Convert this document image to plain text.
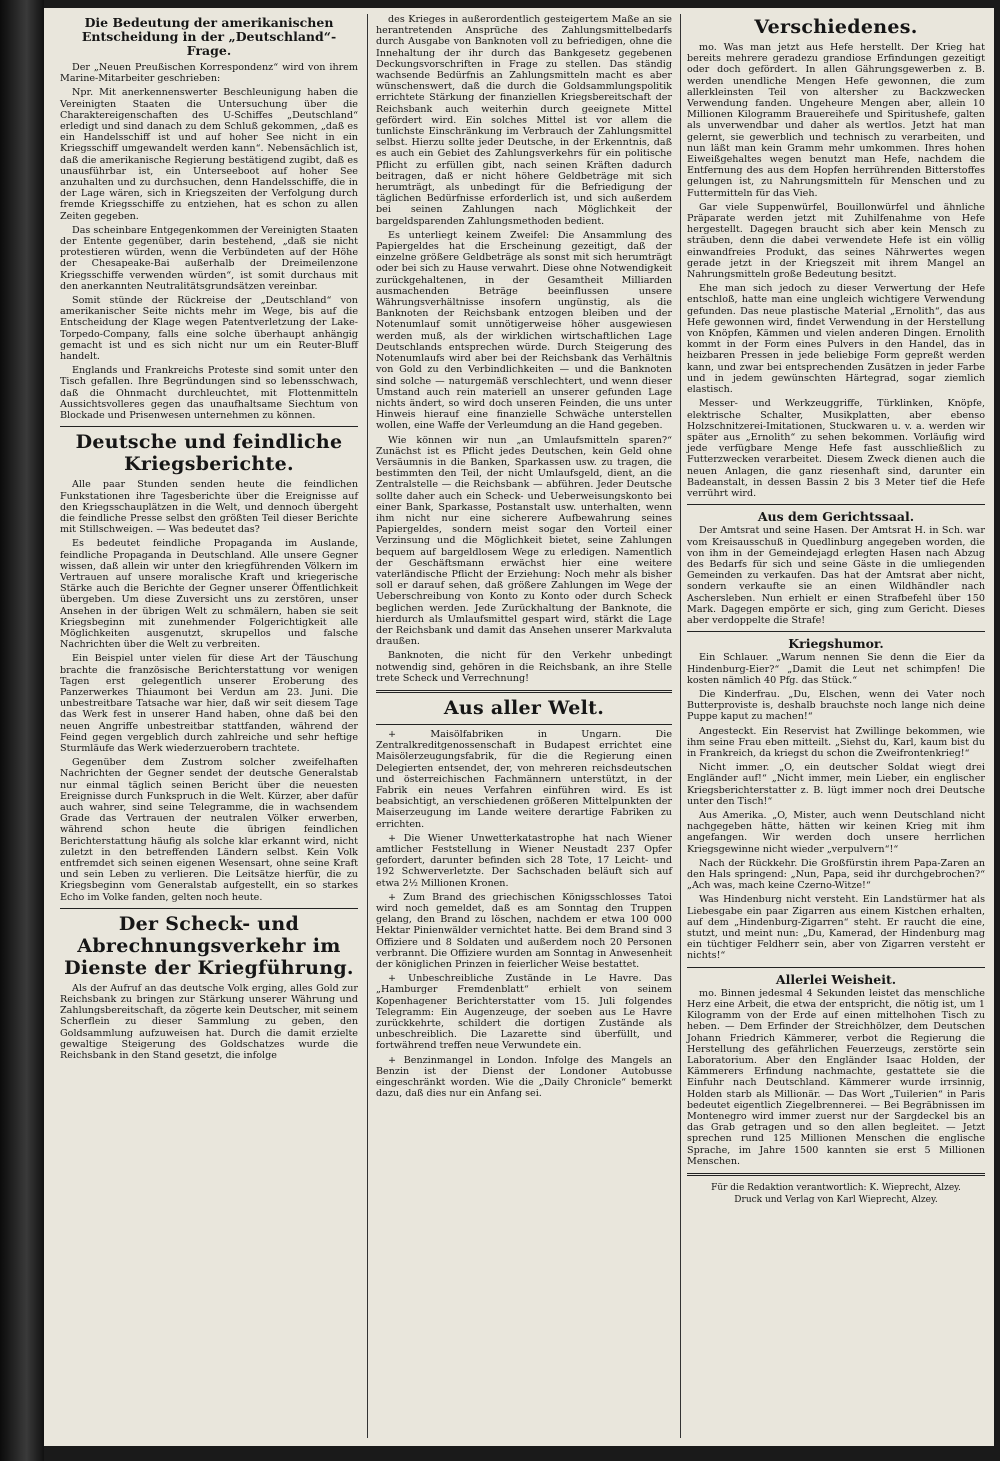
Die Bedeutung der amerikanischen Entscheidung in der „Deutschland“-Frage.

Der „Neuen Preußischen Korrespondenz“ wird von ihrem Marine-Mitarbeiter geschrieben:

Npr. Mit anerkennenswerter Beschleunigung haben die Vereinigten Staaten die Untersuchung über die Charaktereigenschaften des U-Schiffes „Deutschland“ erledigt und sind danach zu dem Schluß gekommen, „daß es ein Handelsschiff ist und auf hoher See nicht in ein Kriegsschiff umgewandelt werden kann“. Nebensächlich ist, daß die amerikanische Regierung bestätigend zugibt, daß es unausführbar ist, ein Unterseeboot auf hoher See anzuhalten und zu durchsuchen, denn Handelsschiffe, die in der Lage wären, sich in Kriegszeiten der Verfolgung durch fremde Kriegsschiffe zu entziehen, hat es schon zu allen Zeiten gegeben.

Das scheinbare Entgegenkommen der Vereinigten Staaten der Entente gegenüber, darin bestehend, „daß sie nicht protestieren würden, wenn die Verbündeten auf der Höhe der Chesapeake-Bai außerhalb der Dreimeilenzone Kriegsschiffe verwenden würden“, ist somit durchaus mit den anerkannten Neutralitätsgrundsätzen vereinbar.

Somit stünde der Rückreise der „Deutschland“ von amerikanischer Seite nichts mehr im Wege, bis auf die Entscheidung der Klage wegen Patentverletzung der Lake-Torpedo-Company, falls eine solche überhaupt anhängig gemacht ist und es sich nicht nur um ein Reuter-Bluff handelt.

Englands und Frankreichs Proteste sind somit unter den Tisch gefallen. Ihre Begründungen sind so lebensschwach, daß die Ohnmacht durchleuchtet, mit Flottenmitteln Aussichtsvolleres gegen das unaufhaltsame Siechtum von Blockade und Prisenwesen unternehmen zu können.

Deutsche und feindliche Kriegsberichte.

Alle paar Stunden senden heute die feindlichen Funkstationen ihre Tagesberichte über die Ereignisse auf den Kriegsschauplätzen in die Welt, und dennoch übergeht die feindliche Presse selbst den größten Teil dieser Berichte mit Stillschweigen. — Was bedeutet das?

Es bedeutet feindliche Propaganda im Auslande, feindliche Propaganda in Deutschland. Alle unsere Gegner wissen, daß allein wir unter den kriegführenden Völkern im Vertrauen auf unsere moralische Kraft und kriegerische Stärke auch die Berichte der Gegner unserer Öffentlichkeit übergeben. Um diese Zuversicht uns zu zerstören, unser Ansehen in der übrigen Welt zu schmälern, haben sie seit Kriegsbeginn mit zunehmender Folgerichtigkeit alle Möglichkeiten ausgenutzt, skrupellos und falsche Nachrichten über die Welt zu verbreiten.

Ein Beispiel unter vielen für diese Art der Täuschung brachte die französische Berichterstattung vor wenigen Tagen erst gelegentlich unserer Eroberung des Panzerwerkes Thiaumont bei Verdun am 23. Juni. Die unbestreitbare Tatsache war hier, daß wir seit diesem Tage das Werk fest in unserer Hand haben, ohne daß bei den neuen Angriffe unbestreitbar stattfanden, während der Feind gegen vergeblich durch zahlreiche und sehr heftige Sturmläufe das Werk wiederzuerobern trachtete.

Gegenüber dem Zustrom solcher zweifelhaften Nachrichten der Gegner sendet der deutsche Generalstab nur einmal täglich seinen Bericht über die neuesten Ereignisse durch Funkspruch in die Welt. Kürzer, aber dafür auch wahrer, sind seine Telegramme, die in wachsendem Grade das Vertrauen der neutralen Völker erwerben, während schon heute die übrigen feindlichen Berichterstattung häufig als solche klar erkannt wird, nicht zuletzt in den betreffenden Ländern selbst. Kein Volk entfremdet sich seinen eigenen Wesensart, ohne seine Kraft und sein Leben zu verlieren. Die Leitsätze hierfür, die zu Kriegsbeginn vom Generalstab aufgestellt, ein so starkes Echo im Volke fanden, gelten noch heute.

Der Scheck- und Abrechnungsverkehr im Dienste der Kriegführung.

Als der Aufruf an das deutsche Volk erging, alles Gold zur Reichsbank zu bringen zur Stärkung unserer Währung und Zahlungsbereitschaft, da zögerte kein Deutscher, mit seinem Scherflein zu dieser Sammlung zu geben, den Goldsammlung aufzuweisen hat. Durch die damit erzielte gewaltige Steigerung des Goldschatzes wurde die Reichsbank in den Stand gesetzt, die infolge

des Krieges in außerordentlich gesteigertem Maße an sie herantretenden Ansprüche des Zahlungsmittelbedarfs durch Ausgabe von Banknoten voll zu befriedigen, ohne die Innehaltung der ihr durch das Bankgesetz gegebenen Deckungsvorschriften in Frage zu stellen. Das ständig wachsende Bedürfnis an Zahlungsmitteln macht es aber wünschenswert, daß die durch die Goldsammlungspolitik errichtete Stärkung der finanziellen Kriegsbereitschaft der Reichsbank auch weiterhin durch geeignete Mittel gefördert wird. Ein solches Mittel ist vor allem die tunlichste Einschränkung im Verbrauch der Zahlungsmittel selbst. Hierzu sollte jeder Deutsche, in der Erkenntnis, daß es auch ein Gebiet des Zahlungsverkehrs für ein politische Pflicht zu erfüllen gibt, nach seinen Kräften dadurch beitragen, daß er nicht höhere Geldbeträge mit sich herumträgt, als unbedingt für die Befriedigung der täglichen Bedürfnisse erforderlich ist, und sich außerdem bei seinen Zahlungen nach Möglichkeit der bargeldsparenden Zahlungsmethoden bedient.

Es unterliegt keinem Zweifel: Die Ansammlung des Papiergeldes hat die Erscheinung gezeitigt, daß der einzelne größere Geldbeträge als sonst mit sich herumträgt oder bei sich zu Hause verwahrt. Diese ohne Notwendigkeit zurückgehaltenen, in der Gesamtheit Milliarden ausmachenden Beträge beeinflussen unsere Währungsverhältnisse insofern ungünstig, als die Banknoten der Reichsbank entzogen bleiben und der Notenumlauf somit unnötigerweise höher ausgewiesen werden muß, als der wirklichen wirtschaftlichen Lage Deutschlands entsprechen würde. Durch Steigerung des Notenumlaufs wird aber bei der Reichsbank das Verhältnis von Gold zu den Verbindlichkeiten — und die Banknoten sind solche — naturgemäß verschlechtert, und wenn dieser Umstand auch rein materiell an unserer gefunden Lage nichts ändert, so wird doch unseren Feinden, die uns unter Hinweis hierauf eine finanzielle Schwäche unterstellen wollen, eine Waffe der Verleumdung an die Hand gegeben.

Wie können wir nun „an Umlaufsmitteln sparen?“ Zunächst ist es Pflicht jedes Deutschen, kein Geld ohne Versäumnis in die Banken, Sparkassen usw. zu tragen, die bestimmten den Teil, der nicht Umlaufsgeld, dient, an die Zentralstelle — die Reichsbank — abführen. Jeder Deutsche sollte daher auch ein Scheck- und Ueberweisungskonto bei einer Bank, Sparkasse, Postanstalt usw. unterhalten, wenn ihm nicht nur eine sicherere Aufbewahrung seines Papiergeldes, sondern meist sogar den Vorteil einer Verzinsung und die Möglichkeit bietet, seine Zahlungen bequem auf bargeldlosem Wege zu erledigen. Namentlich der Geschäftsmann erwächst hier eine weitere vaterländische Pflicht der Erziehung: Noch mehr als bisher soll er darauf sehen, daß größere Zahlungen im Wege der Ueberschreibung von Konto zu Konto oder durch Scheck beglichen werden. Jede Zurückhaltung der Banknote, die hierdurch als Umlaufsmittel gespart wird, stärkt die Lage der Reichsbank und damit das Ansehen unserer Markvaluta draußen.

Banknoten, die nicht für den Verkehr unbedingt notwendig sind, gehören in die Reichsbank, an ihre Stelle trete Scheck und Verrechnung!

Aus aller Welt.

+ Maisölfabriken in Ungarn. Die Zentralkreditgenossenschaft in Budapest errichtet eine Maisölerzeugungsfabrik, für die die Regierung einen Delegierten entsendet, der, von mehreren reichsdeutschen und österreichischen Fachmännern unterstützt, in der Fabrik ein neues Verfahren einführen wird. Es ist beabsichtigt, an verschiedenen größeren Mittelpunkten der Maiserzeugung im Lande weitere derartige Fabriken zu errichten.

+ Die Wiener Unwetterkatastrophe hat nach Wiener amtlicher Feststellung in Wiener Neustadt 237 Opfer gefordert, darunter befinden sich 28 Tote, 17 Leicht- und 192 Schwerverletzte. Der Sachschaden beläuft sich auf etwa 2½ Millionen Kronen.

+ Zum Brand des griechischen Königsschlosses Tatoi wird noch gemeldet, daß es am Sonntag den Truppen gelang, den Brand zu löschen, nachdem er etwa 100 000 Hektar Pinienwälder vernichtet hatte. Bei dem Brand sind 3 Offiziere und 8 Soldaten und außerdem noch 20 Personen verbrannt. Die Offiziere wurden am Sonntag in Anwesenheit der königlichen Prinzen in feierlicher Weise bestattet.

+ Unbeschreibliche Zustände in Le Havre. Das „Hamburger Fremdenblatt“ erhielt von seinem Kopenhagener Berichterstatter vom 15. Juli folgendes Telegramm: Ein Augenzeuge, der soeben aus Le Havre zurückkehrte, schildert die dortigen Zustände als unbeschreiblich. Die Lazarette sind überfüllt, und fortwährend treffen neue Verwundete ein.

+ Benzinmangel in London. Infolge des Mangels an Benzin ist der Dienst der Londoner Autobusse eingeschränkt worden. Wie die „Daily Chronicle“ bemerkt dazu, daß dies nur ein Anfang sei.

Verschiedenes.

mo. Was man jetzt aus Hefe herstellt. Der Krieg hat bereits mehrere geradezu grandiose Erfindungen gezeitigt oder doch gefördert. In allen Gährungsgewerben z. B. werden unendliche Mengen Hefe gewonnen, die zum allerkleinsten Teil von altersher zu Backzwecken Verwendung fanden. Ungeheure Mengen aber, allein 10 Millionen Kilogramm Brauereihefe und Spiritushefe, galten als unverwendbar und daher als wertlos. Jetzt hat man gelernt, sie gewerblich und technisch zu verarbeiten, und nun läßt man kein Gramm mehr umkommen. Ihres hohen Eiweißgehaltes wegen benutzt man Hefe, nachdem die Entfernung des aus dem Hopfen herrührenden Bitterstoffes gelungen ist, zu Nahrungsmitteln für Menschen und zu Futtermitteln für das Vieh.

Gar viele Suppenwürfel, Bouillonwürfel und ähnliche Präparate werden jetzt mit Zuhilfenahme von Hefe hergestellt. Dagegen braucht sich aber kein Mensch zu sträuben, denn die dabei verwendete Hefe ist ein völlig einwandfreies Produkt, das seines Nährwertes wegen gerade jetzt in der Kriegszeit mit ihrem Mangel an Nahrungsmitteln große Bedeutung besitzt.

Ehe man sich jedoch zu dieser Verwertung der Hefe entschloß, hatte man eine ungleich wichtigere Verwendung gefunden. Das neue plastische Material „Ernolith“, das aus Hefe gewonnen wird, findet Verwendung in der Herstellung von Knöpfen, Kämmen und vielen anderen Dingen. Ernolith kommt in der Form eines Pulvers in den Handel, das in heizbaren Pressen in jede beliebige Form gepreßt werden kann, und zwar bei entsprechenden Zusätzen in jeder Farbe und in jedem gewünschten Härtegrad, sogar ziemlich elastisch.

Messer- und Werkzeuggriffe, Türklinken, Knöpfe, elektrische Schalter, Musikplatten, aber ebenso Holzschnitzerei-Imitationen, Stuckwaren u. v. a. werden wir später aus „Ernolith“ zu sehen bekommen. Vorläufig wird jede verfügbare Menge Hefe fast ausschließlich zu Futterzwecken verarbeitet. Diesem Zweck dienen auch die neuen Anlagen, die ganz riesenhaft sind, darunter ein Badeanstalt, in dessen Bassin 2 bis 3 Meter tief die Hefe verrührt wird.

Aus dem Gerichtssaal.

Der Amtsrat und seine Hasen. Der Amtsrat H. in Sch. war vom Kreisausschuß in Quedlinburg angegeben worden, die von ihm in der Gemeindejagd erlegten Hasen nach Abzug des Bedarfs für sich und seine Gäste in die umliegenden Gemeinden zu verkaufen. Das hat der Amtsrat aber nicht, sondern verkaufte sie an einen Wildhändler nach Aschersleben. Nun erhielt er einen Strafbefehl über 150 Mark. Dagegen empörte er sich, ging zum Gericht. Dieses aber verdoppelte die Strafe!

Kriegshumor.

Ein Schlauer. „Warum nennen Sie denn die Eier da Hindenburg-Eier?“ „Damit die Leut net schimpfen! Die kosten nämlich 40 Pfg. das Stück.“

Die Kinderfrau. „Du, Elschen, wenn dei Vater noch Butterproviste is, deshalb brauchste noch lange nich deine Puppe kaput zu machen!“

Angesteckt. Ein Reservist hat Zwillinge bekommen, wie ihm seine Frau eben mitteilt. „Siehst du, Karl, kaum bist du in Frankreich, da kriegst du schon die Zweifrontenkrieg!“

Nicht immer. „O, ein deutscher Soldat wiegt drei Engländer auf!“ „Nicht immer, mein Lieber, ein englischer Kriegsberichterstatter z. B. lügt immer noch drei Deutsche unter den Tisch!“

Aus Amerika. „O, Mister, auch wenn Deutschland nicht nachgegeben hätte, hätten wir keinen Krieg mit ihm angefangen. Wir werden doch unsere herrlichen Kriegsgewinne nicht wieder „verpulvern“!“

Nach der Rückkehr. Die Großfürstin ihrem Papa-Zaren an den Hals springend: „Nun, Papa, seid ihr durchgebrochen?“ „Ach was, mach keine Czerno-Witze!“

Was Hindenburg nicht versteht. Ein Landstürmer hat als Liebesgabe ein paar Zigarren aus einem Kistchen erhalten, auf dem „Hindenburg-Zigarren“ steht. Er raucht die eine, stutzt, und meint nun: „Du, Kamerad, der Hindenburg mag ein tüchtiger Feldherr sein, aber von Zigarren versteht er nichts!“

Allerlei Weisheit.

mo. Binnen jedesmal 4 Sekunden leistet das menschliche Herz eine Arbeit, die etwa der entspricht, die nötig ist, um 1 Kilogramm von der Erde auf einen mittelhohen Tisch zu heben. — Dem Erfinder der Streichhölzer, dem Deutschen Johann Friedrich Kämmerer, verbot die Regierung die Herstellung des gefährlichen Feuerzeugs, zerstörte sein Laboratorium. Aber den Engländer Isaac Holden, der Kämmerers Erfindung nachmachte, gestattete sie die Einfuhr nach Deutschland. Kämmerer wurde irrsinnig, Holden starb als Millionär. — Das Wort „Tuilerien“ in Paris bedeutet eigentlich Ziegelbrennerei. — Bei Begräbnissen im Montenegro wird immer zuerst nur der Sargdeckel bis an das Grab getragen und so den allen begleitet. — Jetzt sprechen rund 125 Millionen Menschen die englische Sprache, im Jahre 1500 kannten sie erst 5 Millionen Menschen.

Für die Redaktion verantwortlich: K. Wieprecht, Alzey.
Druck und Verlag von Karl Wieprecht, Alzey.
